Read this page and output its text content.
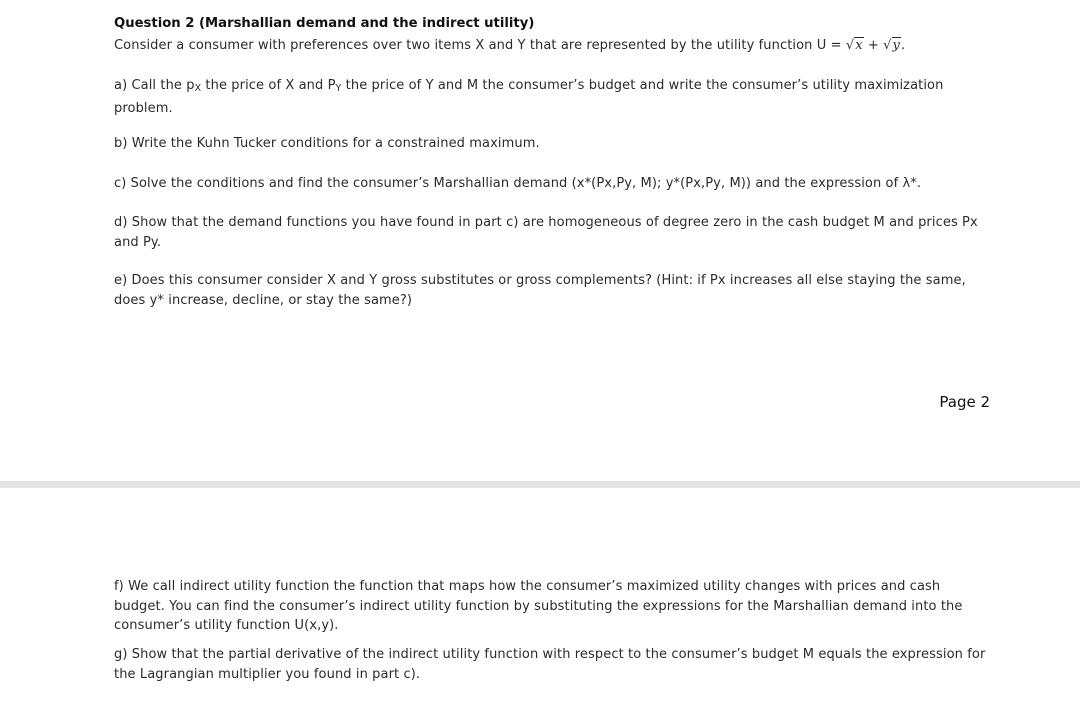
Question 2 (Marshallian demand and the indirect utility)

Consider a consumer with preferences over two items X and Y that are represented by the utility function U = √x + √y.

a) Call the $p_X$ the price of X and $P_Y$ the price of Y and M the consumer’s budget and write the consumer’s utility maximization problem.

b) Write the Kuhn Tucker conditions for a constrained maximum.

c) Solve the conditions and find the consumer’s Marshallian demand (x*(Px,Py, M); y*(Px,Py, M)) and the expression of λ*.

d) Show that the demand functions you have found in part c) are homogeneous of degree zero in the cash budget M and prices Px and Py.

e) Does this consumer consider X and Y gross substitutes or gross complements? (Hint: if Px increases all else staying the same, does y* increase, decline, or stay the same?)

Page 2

f) We call indirect utility function the function that maps how the consumer’s maximized utility changes with prices and cash budget. You can find the consumer’s indirect utility function by substituting the expressions for the Marshallian demand into the consumer’s utility function U(x,y).

g) Show that the partial derivative of the indirect utility function with respect to the consumer’s budget M equals the expression for the Lagrangian multiplier you found in part c).
